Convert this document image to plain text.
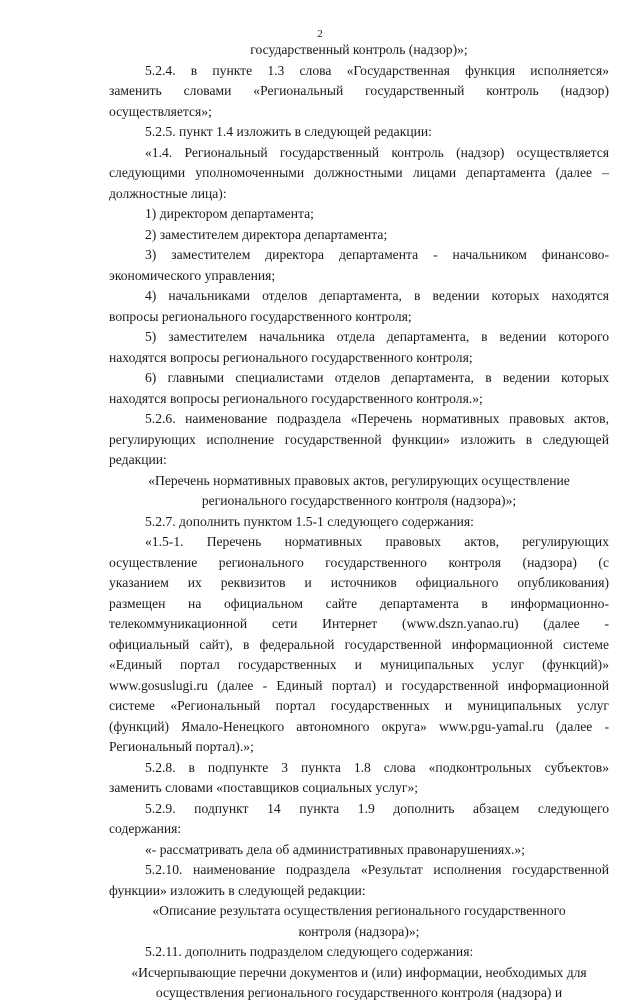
2
государственный контроль (надзор)»;
5.2.4. в пункте 1.3 слова «Государственная функция исполняется»
заменить словами «Региональный государственный контроль (надзор)
осуществляется»;
5.2.5. пункт 1.4 изложить в следующей редакции:
«1.4. Региональный государственный контроль (надзор) осуществляется
следующими уполномоченными должностными лицами департамента (далее –
должностные лица):
1) директором департамента;
2) заместителем директора департамента;
3) заместителем директора департамента - начальником финансово-
экономического управления;
4) начальниками отделов департамента, в ведении которых находятся
вопросы регионального государственного контроля;
5) заместителем начальника отдела департамента, в ведении которого
находятся вопросы регионального государственного контроля;
6) главными специалистами отделов департамента, в ведении которых
находятся вопросы регионального государственного контроля.»;
5.2.6. наименование подраздела «Перечень нормативных правовых актов,
регулирующих исполнение государственной функции» изложить в следующей
редакции:
«Перечень нормативных правовых актов, регулирующих осуществление
регионального государственного контроля (надзора)»;
5.2.7. дополнить пунктом 1.5-1 следующего содержания:
«1.5-1. Перечень нормативных правовых актов, регулирующих
осуществление регионального государственного контроля (надзора) (с
указанием их реквизитов и источников официального опубликования)
размещен на официальном сайте департамента в информационно-
телекоммуникационной сети Интернет (www.dszn.yanao.ru) (далее -
официальный сайт), в федеральной государственной информационной системе
«Единый портал государственных и муниципальных услуг (функций)»
www.gosuslugi.ru (далее - Единый портал) и государственной информационной
системе «Региональный портал государственных и муниципальных услуг
(функций) Ямало-Ненецкого автономного округа» www.pgu-yamal.ru (далее -
Региональный портал).»;
5.2.8. в подпункте 3 пункта 1.8 слова «подконтрольных субъектов»
заменить словами «поставщиков социальных услуг»;
5.2.9. подпункт 14 пункта 1.9 дополнить абзацем следующего
содержания:
«- рассматривать дела об административных правонарушениях.»;
5.2.10. наименование подраздела «Результат исполнения государственной
функции» изложить в следующей редакции:
«Описание результата осуществления регионального государственного
контроля (надзора)»;
5.2.11. дополнить подразделом следующего содержания:
«Исчерпывающие перечни документов и (или) информации, необходимых для
осуществления регионального государственного контроля (надзора) и
